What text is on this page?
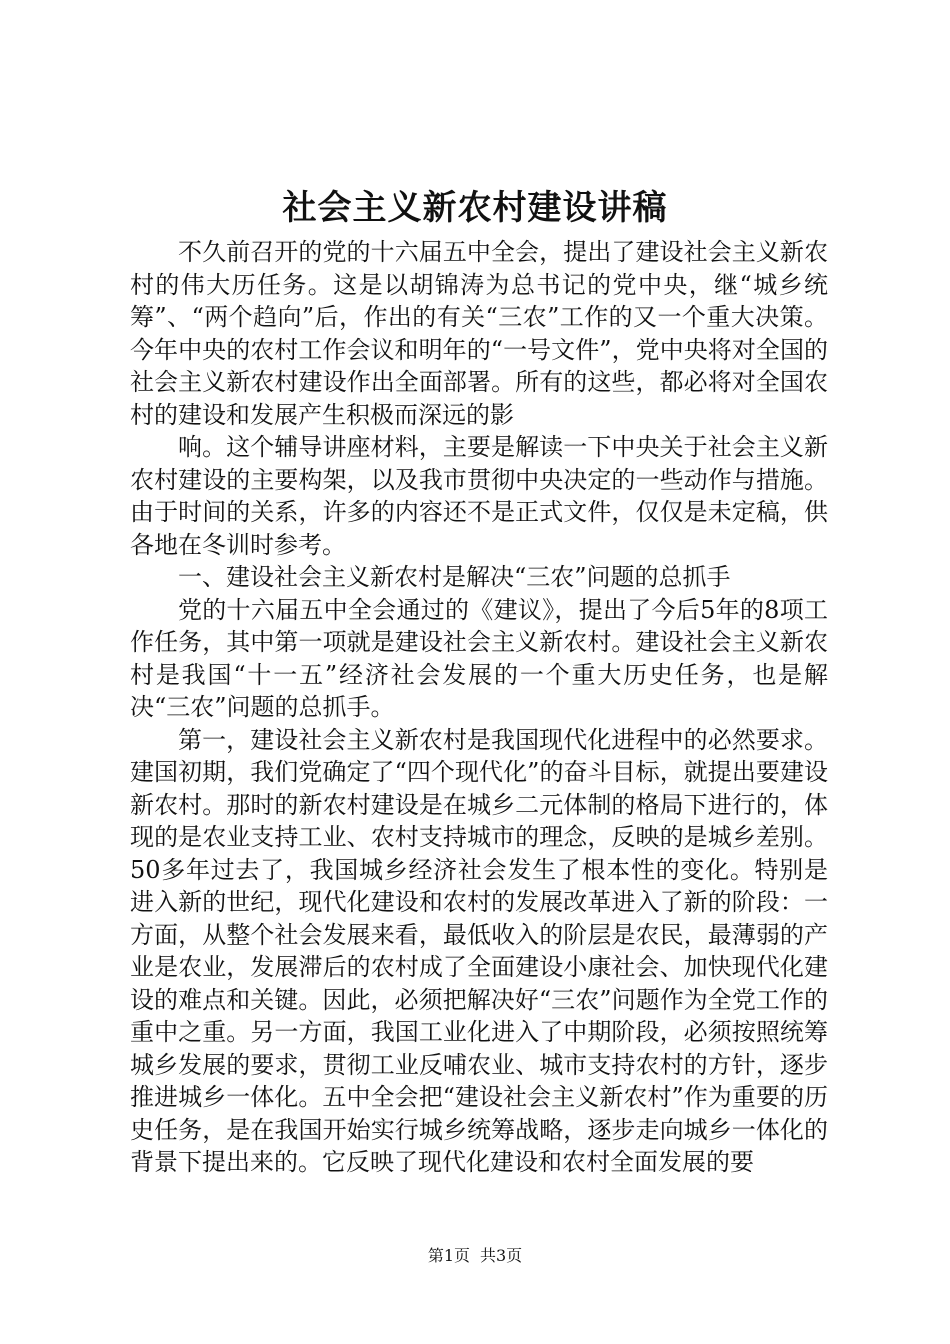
社会主义新农村建设讲稿

不久前召开的党的十六届五中全会，提出了建设社会主义新农村的伟大历任务。这是以胡锦涛为总书记的党中央，继“城乡统筹”、“两个趋向”后，作出的有关“三农”工作的又一个重大决策。今年中央的农村工作会议和明年的“一号文件”，党中央将对全国的社会主义新农村建设作出全面部署。所有的这些，都必将对全国农村的建设和发展产生积极而深远的影

响。这个辅导讲座材料，主要是解读一下中央关于社会主义新农村建设的主要构架，以及我市贯彻中央决定的一些动作与措施。由于时间的关系，许多的内容还不是正式文件，仅仅是未定稿，供各地在冬训时参考。

一、建设社会主义新农村是解决“三农”问题的总抓手

党的十六届五中全会通过的《建议》，提出了今后5年的8项工作任务，其中第一项就是建设社会主义新农村。建设社会主义新农村是我国“十一五”经济社会发展的一个重大历史任务，也是解决“三农”问题的总抓手。

第一，建设社会主义新农村是我国现代化进程中的必然要求。建国初期，我们党确定了“四个现代化”的奋斗目标，就提出要建设新农村。那时的新农村建设是在城乡二元体制的格局下进行的，体现的是农业支持工业、农村支持城市的理念，反映的是城乡差别。50多年过去了，我国城乡经济社会发生了根本性的变化。特别是进入新的世纪，现代化建设和农村的发展改革进入了新的阶段：一方面，从整个社会发展来看，最低收入的阶层是农民，最薄弱的产业是农业，发展滞后的农村成了全面建设小康社会、加快现代化建设的难点和关键。因此，必须把解决好“三农”问题作为全党工作的重中之重。另一方面，我国工业化进入了中期阶段，必须按照统筹城乡发展的要求，贯彻工业反哺农业、城市支持农村的方针，逐步推进城乡一体化。五中全会把“建设社会主义新农村”作为重要的历史任务，是在我国开始实行城乡统筹战略，逐步走向城乡一体化的背景下提出来的。它反映了现代化建设和农村全面发展的要

第1页 共3页
